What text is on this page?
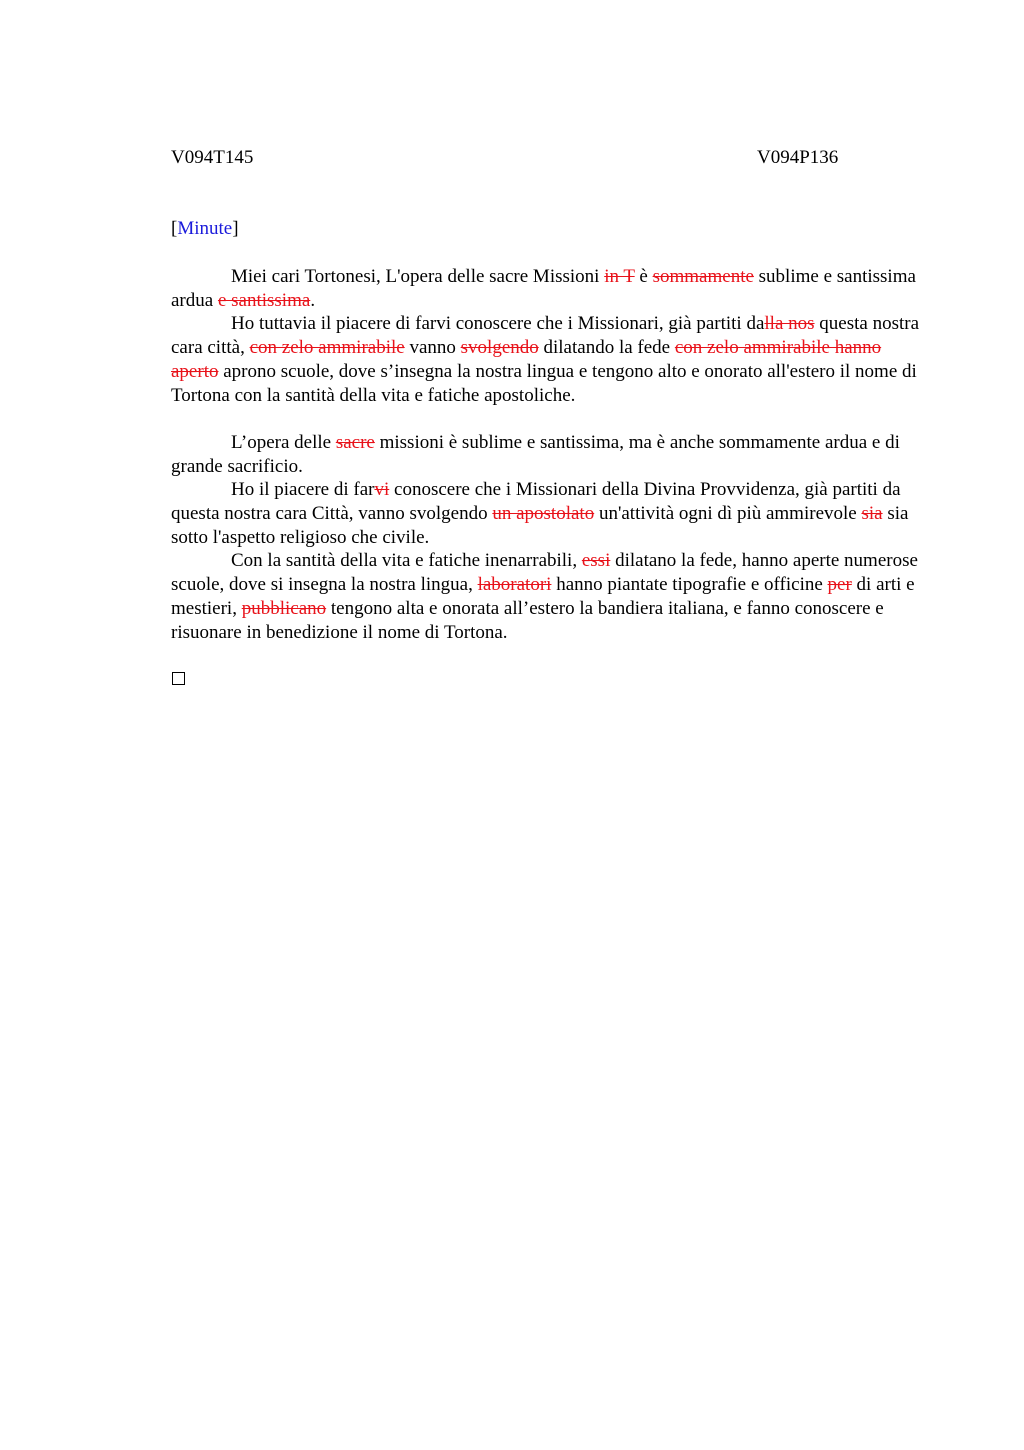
V094T145	V094P136
[Minute]

Miei cari Tortonesi, L'opera delle sacre Missioni in T è sommamente sublime e santissima ardua e santissima.

Ho tuttavia il piacere di farvi conoscere che i Missionari, già partiti dalla nos questa nostra cara città, con zelo ammirabile vanno svolgendo dilatando la fede con zelo ammirabile hanno aperto aprono scuole, dove s’insegna la nostra lingua e tengono alto e onorato all'estero il nome di Tortona con la santità della vita e fatiche apostoliche.

L’opera delle sacre missioni è sublime e santissima, ma è anche sommamente ardua e di grande sacrificio.

Ho il piacere di farvi conoscere che i Missionari della Divina Provvidenza, già partiti da questa nostra cara Città, vanno svolgendo un apostolato un'attività ogni dì più ammirevole sia sia sotto l'aspetto religioso che civile.

Con la santità della vita e fatiche inenarrabili, essi dilatano la fede, hanno aperte numerose scuole, dove si insegna la nostra lingua, laboratori hanno piantate tipografie e officine per di arti e mestieri, pubblicano tengono alta e onorata all’estero la bandiera italiana, e fanno conoscere e risuonare in benedizione il nome di Tortona.
